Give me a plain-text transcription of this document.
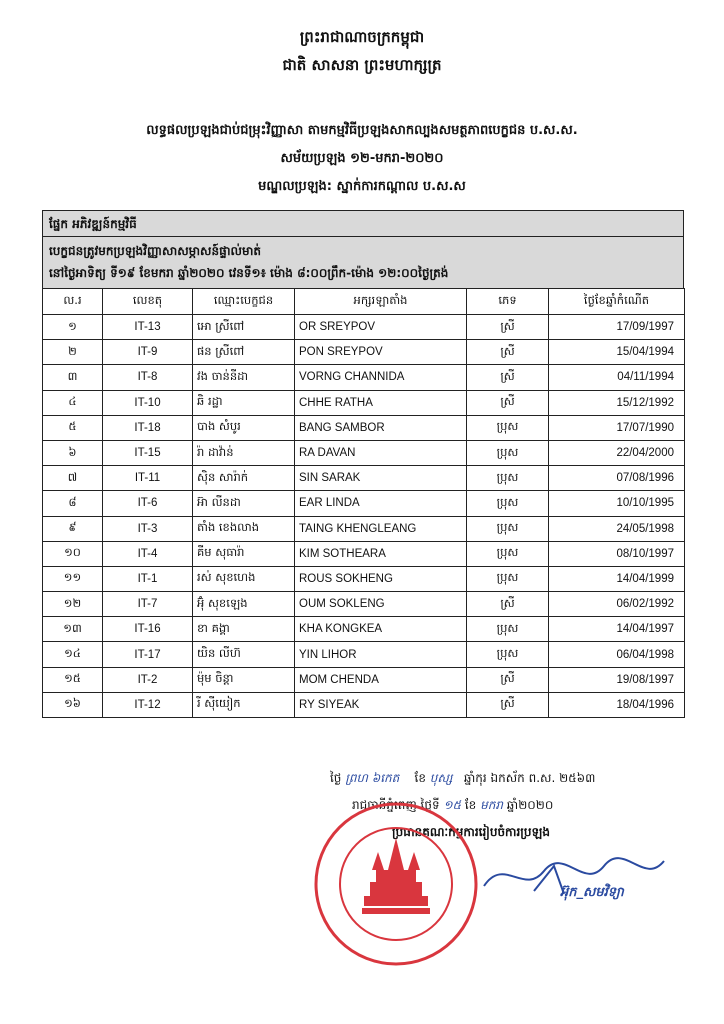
ព្រះរាជាណាចក្រកម្ពុជា
ជាតិ សាសនា ព្រះមហាក្សត្រ
លទ្ធផលប្រឡងជាប់ជម្រុះវិញ្ញាសា តាមកម្មវិធីប្រឡងសាកល្បងសមត្ថភាពបេក្ខជន ប.ស.ស.
សម័យប្រឡង ១២-មករា-២០២០
មណ្ឌលប្រឡង: ស្នាក់ការកណ្តាល ប.ស.ស
ផ្នែក អភិវឌ្ឍន៍កម្មវិធី
បេក្ខជនត្រូវមកប្រឡងវិញ្ញាសាសម្ភាសន៍ផ្ទាល់មាត់
នៅថ្ងៃអាទិត្យ ទី១៩ ខែមករា ឆ្នាំ២០២០ វេនទី១៖ ម៉ោង ៨:០០ព្រឹក-ម៉ោង ១២:០០ថ្ងៃត្រង់
ល.រ	លេខតុ	ឈ្មោះបេក្ខជន	អក្សរឡាតាំង	ភេទ	ថ្ងៃខែឆ្នាំកំណើត
១	IT-13	អោ ស្រីពៅ	OR SREYPOV	ស្រី	17/09/1997
២	IT-9	ផន ស្រីពៅ	PON SREYPOV	ស្រី	15/04/1994
៣	IT-8	វង ចាន់នីដា	VORNG CHANNIDA	ស្រី	04/11/1994
៤	IT-10	ឆិ រដ្ឋា	CHHE RATHA	ស្រី	15/12/1992
៥	IT-18	បាង សំបូរ	BANG SAMBOR	ប្រុស	17/07/1990
៦	IT-15	រ៉ា ដាវ៉ាន់	RA DAVAN	ប្រុស	22/04/2000
៧	IT-11	ស៊ិន សារ៉ាក់	SIN SARAK	ប្រុស	07/08/1996
៨	IT-6	អ៊ា លីនដា	EAR LINDA	ប្រុស	10/10/1995
៩	IT-3	តាំង ខេងលាង	TAING KHENGLEANG	ប្រុស	24/05/1998
១០	IT-4	គីម សុធារ៉ា	KIM SOTHEARA	ប្រុស	08/10/1997
១១	IT-1	រស់ សុខហេង	ROUS SOKHENG	ប្រុស	14/04/1999
១២	IT-7	អ៊ុំ សុខឡេង	OUM SOKLENG	ស្រី	06/02/1992
១៣	IT-16	ខា គង្គា	KHA KONGKEA	ប្រុស	14/04/1997
១៤	IT-17	យិន លីហ៊	YIN LIHOR	ប្រុស	06/04/1998
១៥	IT-2	ម៉ុម ចិន្តា	MOM CHENDA	ស្រី	19/08/1997
១៦	IT-12	រី ស៊ីយៀក	RY SIYEAK	ស្រី	18/04/1996
ថ្ងៃ ព្រហ ៦កេត ខែ បុស្ស ឆ្នាំកុរ ឯកស័ក ព.ស. ២៥៦៣
រាជធានីភ្នំពេញ ថ្ងៃទី ១៥ ខែ មករា ឆ្នាំ២០២០
ប្រធានគណៈកម្មការរៀបចំការប្រឡង
អ៊ុក_សមវិទ្យា
